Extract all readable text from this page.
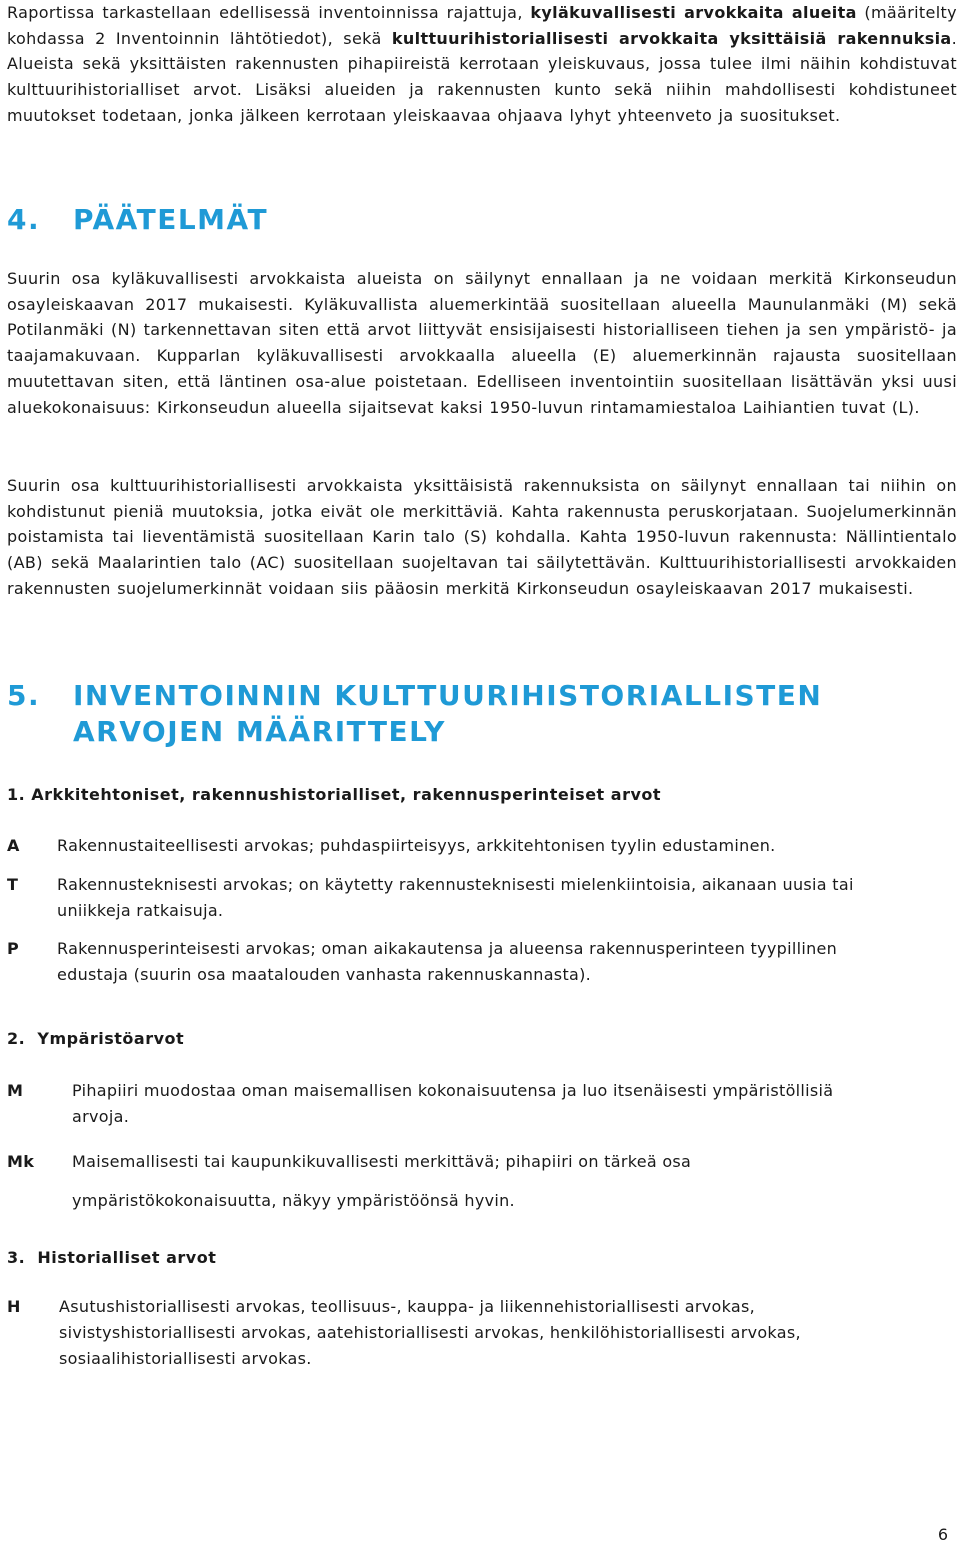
Raportissa tarkastellaan edellisessä inventoinnissa rajattuja, kyläkuvallisesti arvokkaita alueita (määritelty kohdassa 2 Inventoinnin lähtötiedot), sekä kulttuurihistoriallisesti arvokkaita yksittäisiä rakennuksia. Alueista sekä yksittäisten rakennusten pihapiireistä kerrotaan yleiskuvaus, jossa tulee ilmi näihin kohdistuvat kulttuurihistorialliset arvot. Lisäksi alueiden ja rakennusten kunto sekä niihin mahdollisesti kohdistuneet muutokset todetaan, jonka jälkeen kerrotaan yleiskaavaa ohjaava lyhyt yhteenveto ja suositukset.

4. PÄÄTELMÄT

Suurin osa kyläkuvallisesti arvokkaista alueista on säilynyt ennallaan ja ne voidaan merkitä Kirkonseudun osayleiskaavan 2017 mukaisesti. Kyläkuvallista aluemerkintää suositellaan alueella Maunulanmäki (M) sekä Potilanmäki (N) tarkennettavan siten että arvot liittyvät ensisijaisesti historialliseen tiehen ja sen ympäristö- ja taajamakuvaan. Kupparlan kyläkuvallisesti arvokkaalla alueella (E) aluemerkinnän rajausta suositellaan muutettavan siten, että läntinen osa-alue poistetaan. Edelliseen inventointiin suositellaan lisättävän yksi uusi aluekokonaisuus: Kirkonseudun alueella sijaitsevat kaksi 1950-luvun rintamamiestaloa Laihiantien tuvat (L).

Suurin osa kulttuurihistoriallisesti arvokkaista yksittäisistä rakennuksista on säilynyt ennallaan tai niihin on kohdistunut pieniä muutoksia, jotka eivät ole merkittäviä. Kahta rakennusta peruskorjataan. Suojelumerkinnän poistamista tai lieventämistä suositellaan Karin talo (S) kohdalla. Kahta 1950-luvun rakennusta: Nällintientalo (AB) sekä Maalarintien talo (AC) suositellaan suojeltavan tai säilytettävän. Kulttuurihistoriallisesti arvokkaiden rakennusten suojelumerkinnät voidaan siis pääosin merkitä Kirkonseudun osayleiskaavan 2017 mukaisesti.

5. INVENTOINNIN KULTTUURIHISTORIALLISTEN
ARVOJEN MÄÄRITTELY
1. Arkkitehtoniset, rakennushistorialliset, rakennusperinteiset arvot
A	Rakennustaiteellisesti arvokas; puhdaspiirteisyys, arkkitehtonisen tyylin edustaminen.
T	Rakennusteknisesti arvokas; on käytetty rakennusteknisesti mielenkiintoisia, aikanaan uusia tai uniikkeja ratkaisuja.
P	Rakennusperinteisesti arvokas; oman aikakautensa ja alueensa rakennusperinteen tyypillinen edustaja (suurin osa maatalouden vanhasta rakennuskannasta).
2.  Ympäristöarvot
M	Pihapiiri muodostaa oman maisemallisen kokonaisuutensa ja luo itsenäisesti ympäristöllisiä arvoja.
Mk	Maisemallisesti tai kaupunkikuvallisesti merkittävä; pihapiiri on tärkeä osa ympäristökokonaisuutta, näkyy ympäristöönsä hyvin.
3.  Historialliset arvot
H	Asutushistoriallisesti arvokas, teollisuus-, kauppa- ja liikennehistoriallisesti arvokas, sivistyshistoriallisesti arvokas, aatehistoriallisesti arvokas, henkilöhistoriallisesti arvokas, sosiaalihistoriallisesti arvokas.
6
